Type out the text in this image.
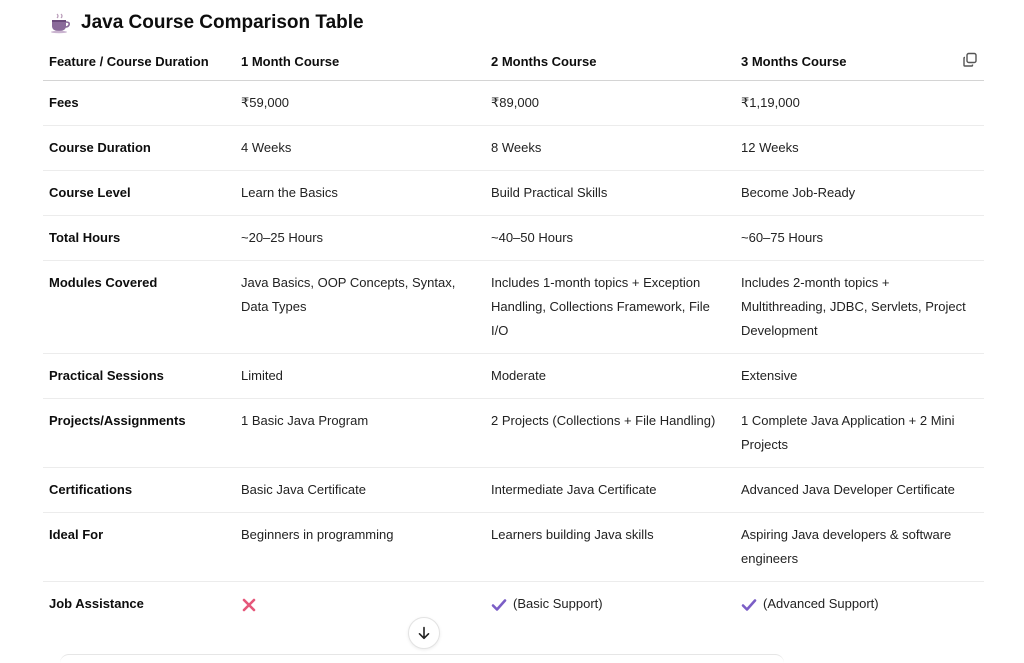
Java Course Comparison Table
Feature / Course Duration	1 Month Course	2 Months Course	3 Months Course
Fees	₹59,000	₹89,000	₹1,19,000
Course Duration	4 Weeks	8 Weeks	12 Weeks
Course Level	Learn the Basics	Build Practical Skills	Become Job-Ready
Total Hours	~20–25 Hours	~40–50 Hours	~60–75 Hours
Modules Covered	Java Basics, OOP Concepts, Syntax, Data Types	Includes 1-month topics + Exception Handling, Collections Framework, File I/O	Includes 2-month topics + Multithreading, JDBC, Servlets, Project Development
Practical Sessions	Limited	Moderate	Extensive
Projects/Assignments	1 Basic Java Program	2 Projects (Collections + File Handling)	1 Complete Java Application + 2 Mini Projects
Certifications	Basic Java Certificate	Intermediate Java Certificate	Advanced Java Developer Certificate
Ideal For	Beginners in programming	Learners building Java skills	Aspiring Java developers & software engineers
Job Assistance		(Basic Support)	(Advanced Support)
